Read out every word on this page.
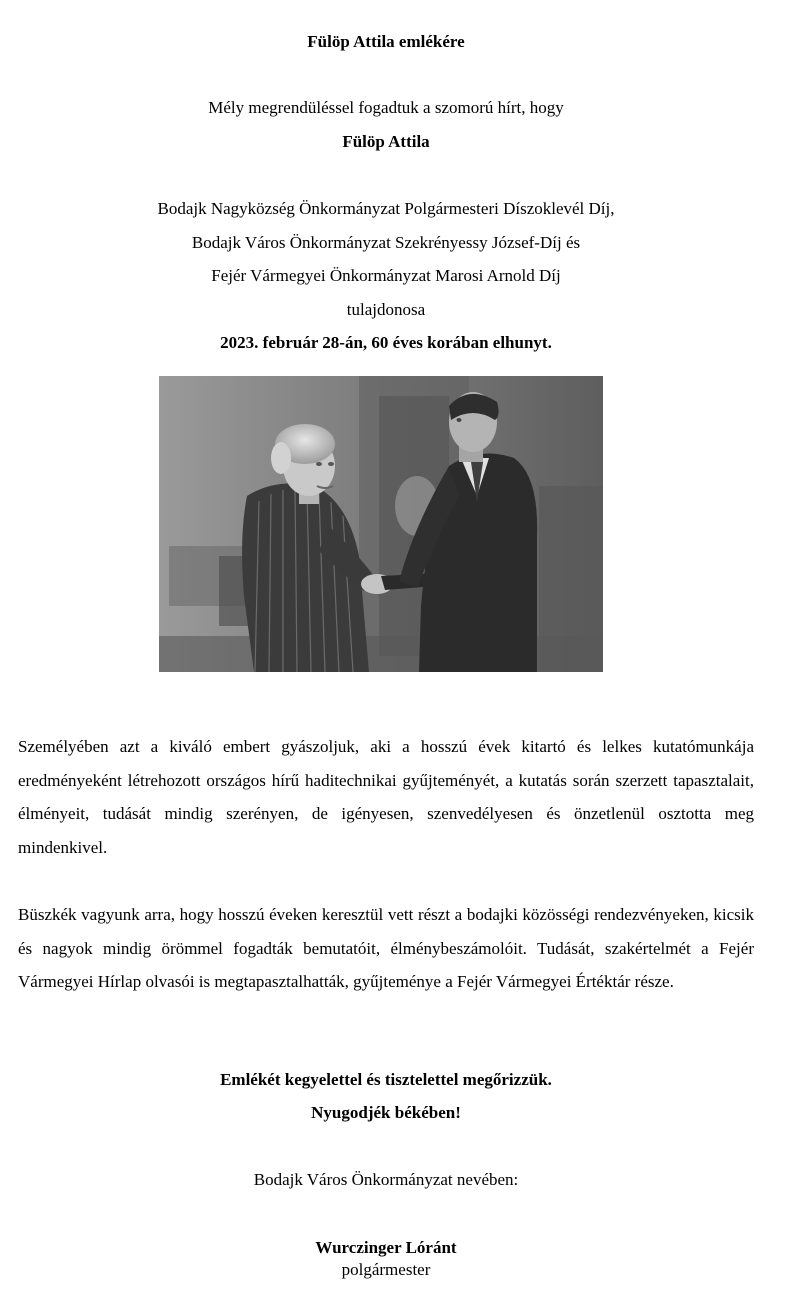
Fülöp Attila emlékére
Mély megrendüléssel fogadtuk a szomorú hírt, hogy
Fülöp Attila
Bodajk Nagyközség Önkormányzat Polgármesteri Díszoklevél Díj,
Bodajk Város Önkormányzat Szekrényessy József-Díj és
Fejér Vármegyei Önkormányzat Marosi Arnold Díj
tulajdonosa
2023. február 28-án, 60 éves korában elhunyt.
Személyében azt a kiváló embert gyászoljuk, aki a hosszú évek kitartó és lelkes kutatómunkája eredményeként létrehozott országos hírű haditechnikai gyűjteményét, a kutatás során szerzett tapasztalait, élményeit, tudását mindig szerényen, de igényesen, szenvedélyesen és önzetlenül osztotta meg mindenkivel.
Büszkék vagyunk arra, hogy hosszú éveken keresztül vett részt a bodajki közösségi rendezvényeken, kicsik és nagyok mindig örömmel fogadták bemutatóit, élménybeszámolóit. Tudását, szakértelmét a Fejér Vármegyei Hírlap olvasói is megtapasztalhatták, gyűjteménye a Fejér Vármegyei Értéktár része.
Emlékét kegyelettel és tisztelettel megőrizzük.
Nyugodjék békében!
Bodajk Város Önkormányzat nevében:
Wurczinger Lóránt
polgármester
